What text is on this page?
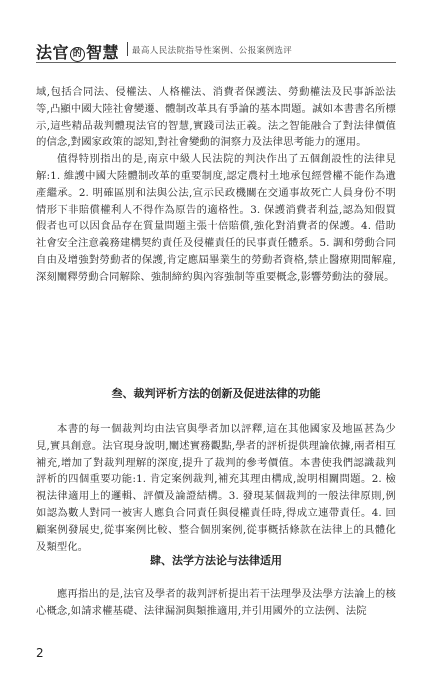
法官 的 智慧 最高人民法院指导性案例、公报案例选评

域,包括合同法、侵權法、人格權法、消費者保護法、勞動權法及民事訴訟法等,凸顯中國大陸社會變遷、體制改革具有爭論的基本問題。誠如本書書名所標示,這些精品裁判體現法官的智慧,實踐司法正義。法之智能融合了對法律價值的信念,對國家政策的認知,對社會變動的洞察力及法律思考能力的運用。

值得特別指出的是,南京中級人民法院的判決作出了五個創設性的法律見解:1. 維護中國大陸體制改革的重要制度,認定農村土地承包經營權不能作為遺產繼承。2. 明確區別和法與公法,宣示民政機關在交通事故死亡人員身份不明情形下非賠償權利人不得作為原告的適格性。3. 保護消費者利益,認為知假買假者也可以因食品存在質量問題主張十倍賠償,強化對消費者的保護。4. 借助社會安全注意義務建構契約責任及侵權責任的民事責任體系。5. 調和勞動合同自由及增強對勞動者的保護,肯定應屆畢業生的勞動者資格,禁止醫療期間解雇,深刻闡釋勞動合同解除、強制締約與內容強制等重要概念,影響勞動法的發展。

叁、裁判评析方法的创新及促进法律的功能

本書的每一個裁判均由法官與學者加以評釋,這在其他國家及地區甚為少見,實具創意。法官現身說明,闡述實務觀點,學者的評析提供理論依據,兩者相互補充,增加了對裁判理解的深度,提升了裁判的參考價值。本書使我們認識裁判評析的四個重要功能:1. 肯定案例裁判,補充其理由構成,說明相關問題。2. 檢視法律適用上的邏輯、評價及論證結構。3. 發現某個裁判的一般法律原則,例如認為數人對同一被害人應負合同責任與侵權責任時,得成立連帶責任。4. 回顧案例發展史,從事案例比較、整合個別案例,從事概括條款在法律上的具體化及類型化。

肆、法学方法论与法律适用

應再指出的是,法官及學者的裁判評析提出若干法理學及法學方法論上的核心概念,如請求權基礎、法律漏洞與類推適用,并引用國外的立法例、法院

2
